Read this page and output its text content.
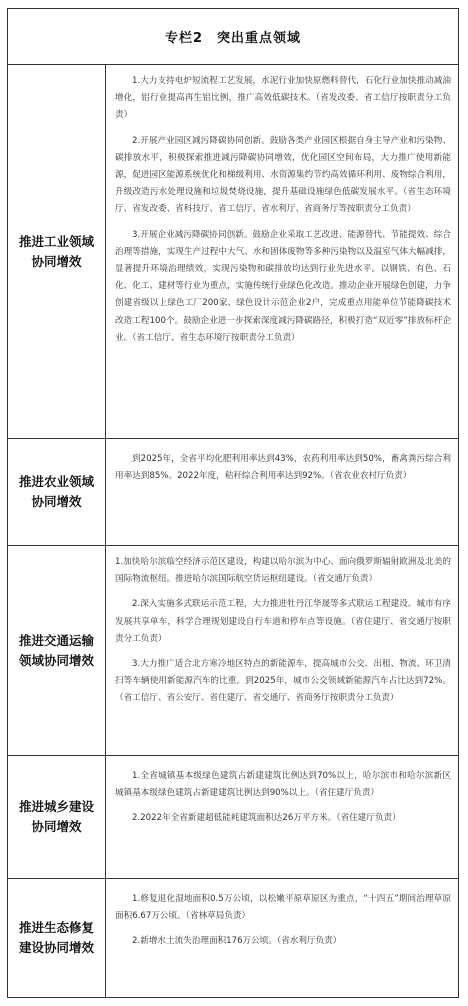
专栏2　突出重点领域
推进工业领域
协同增效

1.大力支持电炉短流程工艺发展，水泥行业加快原燃料替代，石化行业加快推动减油增化，铝行业提高再生铝比例，推广高效低碳技术。（省发改委、省工信厅按职责分工负责）

2.开展产业园区减污降碳协同创新。鼓励各类产业园区根据自身主导产业和污染物、碳排放水平，积极探索推进减污降碳协同增效，优化园区空间布局，大力推广使用新能源，促进园区能源系统优化和梯级利用、水资源集约节约高效循环利用、废物综合利用，升级改造污水处理设施和垃圾焚烧设施，提升基础设施绿色低碳发展水平。（省生态环境厅、省发改委、省科技厅、省工信厅、省水利厅、省商务厅等按职责分工负责）

3.开展企业减污降碳协同创新。鼓励企业采取工艺改进、能源替代、节能提效、综合治理等措施，实现生产过程中大气、水和固体废物等多种污染物以及温室气体大幅减排，显著提升环境治理绩效，实现污染物和碳排放均达到行业先进水平。以钢铁、有色、石化、化工、建材等行业为重点，实施传统行业绿色化改造。推动企业开展绿色创建，力争创建省级以上绿色工厂200家、绿色设计示范企业2户，完成重点用能单位节能降碳技术改造工程100个。鼓励企业进一步探索深度减污降碳路径，积极打造“双近零”排放标杆企业。（省工信厅、省生态环境厅按职责分工负责）

推进农业领域
协同增效

到2025年，全省平均化肥利用率达到43%，农药利用率达到50%，畜禽粪污综合利用率达到85%。2022年度，秸秆综合利用率达到92%。（省农业农村厅负责）

推进交通运输
领域协同增效

1.加快哈尔滨临空经济示范区建设，构建以哈尔滨为中心、面向俄罗斯辐射欧洲及北美的国际物流枢纽。推进哈尔滨国际航空货运枢纽建设。（省交通厅负责）

2.深入实施多式联运示范工程，大力推进牡丹江华晟等多式联运工程建设。城市有序发展共享单车，科学合理规划建设自行车道和停车点等设施。（省住建厅、省交通厅按职责分工负责）

3.大力推广适合北方寒冷地区特点的新能源车，提高城市公交、出租、物流、环卫清扫等车辆使用新能源汽车的比重。到2025年，城市公交领域新能源汽车占比达到72%。（省工信厅、省公安厅、省住建厅、省交通厅、省商务厅按职责分工负责）

推进城乡建设
协同增效

1.全省城镇基本级绿色建筑占新建建筑比例达到70%以上，哈尔滨市和哈尔滨新区城镇基本级绿色建筑占新建建筑比例达到90%以上。（省住建厅负责）

2.2022年全省新建超低能耗建筑面积达26万平方米。（省住建厅负责）

推进生态修复
建设协同增效

1.修复退化湿地面积0.5万公顷，以松嫩平原草原区为重点，“十四五”期间治理草原面积6.67万公顷。（省林草局负责）

2.新增水土流失治理面积176万公顷。（省水利厅负责）
